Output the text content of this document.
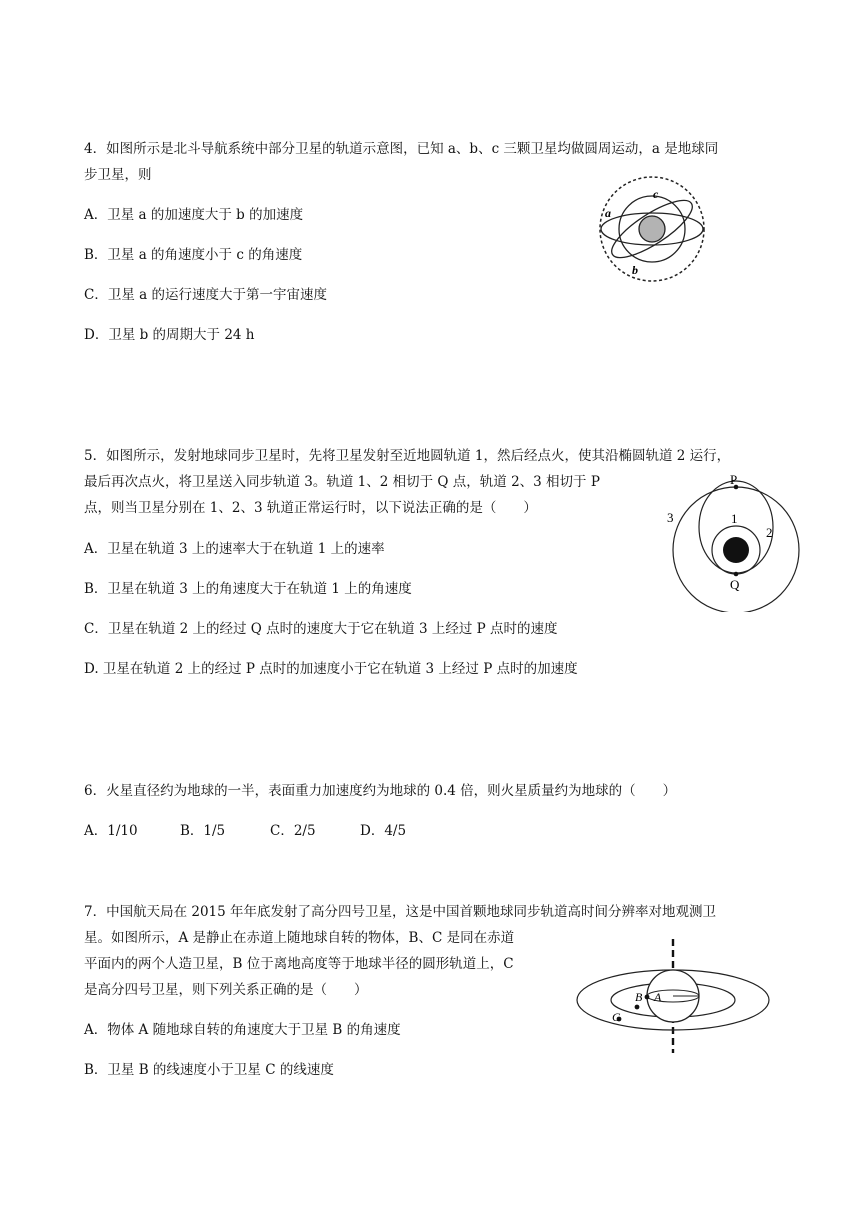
4．如图所示是北斗导航系统中部分卫星的轨道示意图，已知 a、b、c 三颗卫星均做圆周运动，a 是地球同
步卫星，则
A．卫星 a 的加速度大于 b 的加速度
B．卫星 a 的角速度小于 c 的角速度
C．卫星 a 的运行速度大于第一宇宙速度
D．卫星 b 的周期大于 24 h
a
b
c
5．如图所示，发射地球同步卫星时，先将卫星发射至近地圆轨道 1，然后经点火，使其沿椭圆轨道 2 运行，
最后再次点火，将卫星送入同步轨道 3。轨道 1、2 相切于 Q 点，轨道 2、3 相切于 P
点，则当卫星分别在 1、2、3 轨道正常运行时，以下说法正确的是（　　）
A．卫星在轨道 3 上的速率大于在轨道 1 上的速率
B．卫星在轨道 3 上的角速度大于在轨道 1 上的角速度
C．卫星在轨道 2 上的经过 Q 点时的速度大于它在轨道 3 上经过 P 点时的速度
D. 卫星在轨道 2 上的经过 P 点时的加速度小于它在轨道 3 上经过 P 点时的加速度
P
Q
1
2
3
6．火星直径约为地球的一半，表面重力加速度约为地球的 0.4 倍，则火星质量约为地球的（　　）
A．1/10	B．1/5	C．2/5	D．4/5
7．中国航天局在 2015 年年底发射了高分四号卫星，这是中国首颗地球同步轨道高时间分辨率对地观测卫
星。如图所示，A 是静止在赤道上随地球自转的物体，B、C 是同在赤道
平面内的两个人造卫星，B 位于离地高度等于地球半径的圆形轨道上，C
是高分四号卫星，则下列关系正确的是（　　）
A．物体 A 随地球自转的角速度大于卫星 B 的角速度
B．卫星 B 的线速度小于卫星 C 的线速度
A
B
C
